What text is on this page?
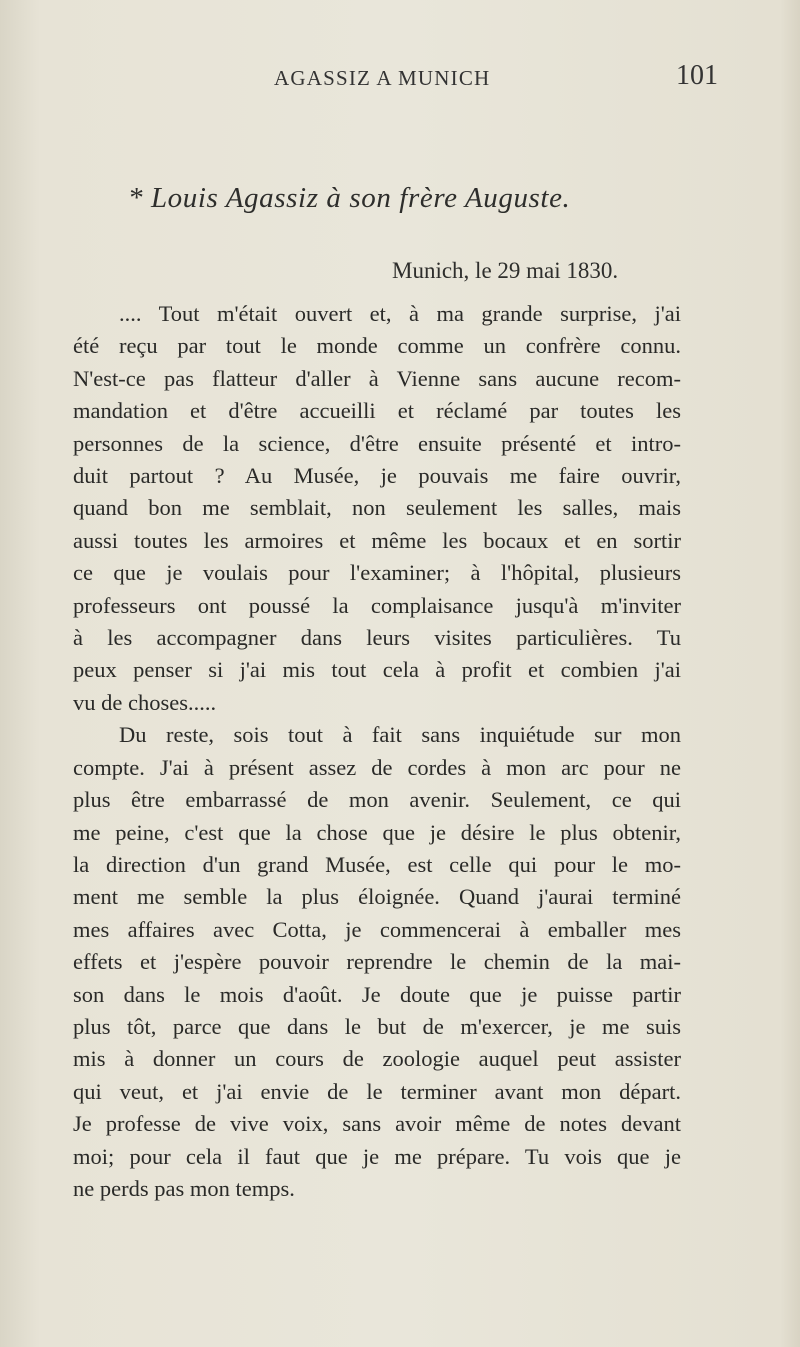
AGASSIZ A MUNICH	101
* Louis Agassiz à son frère Auguste.
Munich, le 29 mai 1830.

.... Tout m'était ouvert et, à ma grande surprise, j'ai
été reçu par tout le monde comme un confrère connu.
N'est-ce pas flatteur d'aller à Vienne sans aucune recom-
mandation et d'être accueilli et réclamé par toutes les
personnes de la science, d'être ensuite présenté et intro-
duit partout ? Au Musée, je pouvais me faire ouvrir,
quand bon me semblait, non seulement les salles, mais
aussi toutes les armoires et même les bocaux et en sortir
ce que je voulais pour l'examiner; à l'hôpital, plusieurs
professeurs ont poussé la complaisance jusqu'à m'inviter
à les accompagner dans leurs visites particulières. Tu
peux penser si j'ai mis tout cela à profit et combien j'ai
vu de choses.....

Du reste, sois tout à fait sans inquiétude sur mon
compte. J'ai à présent assez de cordes à mon arc pour ne
plus être embarrassé de mon avenir. Seulement, ce qui
me peine, c'est que la chose que je désire le plus obtenir,
la direction d'un grand Musée, est celle qui pour le mo-
ment me semble la plus éloignée. Quand j'aurai terminé
mes affaires avec Cotta, je commencerai à emballer mes
effets et j'espère pouvoir reprendre le chemin de la mai-
son dans le mois d'août. Je doute que je puisse partir
plus tôt, parce que dans le but de m'exercer, je me suis
mis à donner un cours de zoologie auquel peut assister
qui veut, et j'ai envie de le terminer avant mon départ.
Je professe de vive voix, sans avoir même de notes devant
moi; pour cela il faut que je me prépare. Tu vois que je
ne perds pas mon temps.
